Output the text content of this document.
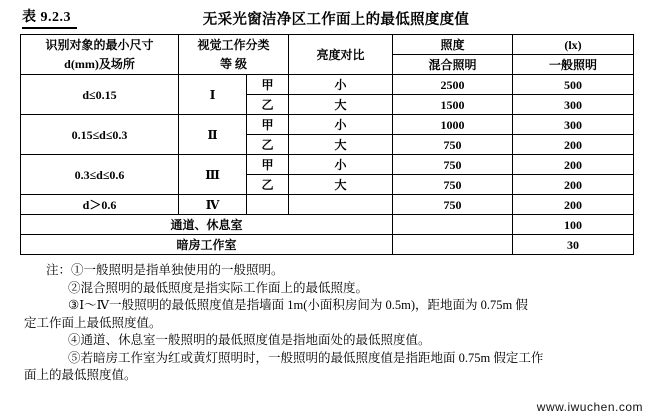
表 9.2.3	无采光窗洁净区工作面上的最低照度度值
识别对象的最小尺寸	视觉工作分类		亮度对比	照度	(lx)
d(mm)及场所	等 级			混合照明	一般照明
d≤0.15	Ⅰ	甲	小	2500	500
		乙	大	1500	300
0.15≤d≤0.3	Ⅱ	甲	小	1000	300
		乙	大	750	200
0.3≤d≤0.6	Ⅲ	甲	小	750	200
		乙	大	750	200
d＞0.6	Ⅳ			750	200
通道、休息室					100
暗房工作室					30

注：①一般照明是指单独使用的一般照明。

②混合照明的最低照度是指实际工作面上的最低照度。

③Ⅰ～Ⅳ一般照明的最低照度值是指墙面 1m(小面积房间为 0.5m)，距地面为 0.75m 假

定工作面上最低照度值。

④通道、休息室一般照明的最低照度值是指地面处的最低照度值。

⑤若暗房工作室为红或黄灯照明时，一般照明的最低照度值是指距地面 0.75m 假定工作

面上的最低照度值。

www.iwuchen.com
